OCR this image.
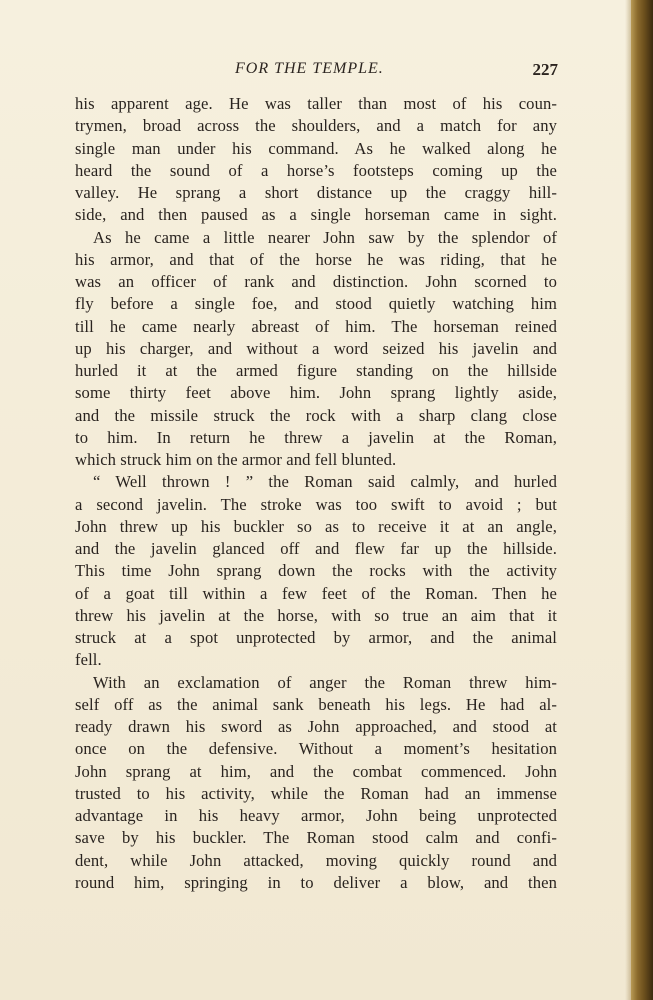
FOR THE TEMPLE.	227
his apparent age. He was taller than most of his coun-
trymen, broad across the shoulders, and a match for any
single man under his command. As he walked along he
heard the sound of a horse’s footsteps coming up the
valley. He sprang a short distance up the craggy hill-
side, and then paused as a single horseman came in sight.
As he came a little nearer John saw by the splendor of
his armor, and that of the horse he was riding, that he
was an officer of rank and distinction. John scorned to
fly before a single foe, and stood quietly watching him
till he came nearly abreast of him. The horseman reined
up his charger, and without a word seized his javelin and
hurled it at the armed figure standing on the hillside
some thirty feet above him. John sprang lightly aside,
and the missile struck the rock with a sharp clang close
to him. In return he threw a javelin at the Roman,
which struck him on the armor and fell blunted.
“ Well thrown ! ” the Roman said calmly, and hurled
a second javelin. The stroke was too swift to avoid ; but
John threw up his buckler so as to receive it at an angle,
and the javelin glanced off and flew far up the hillside.
This time John sprang down the rocks with the activity
of a goat till within a few feet of the Roman. Then he
threw his javelin at the horse, with so true an aim that it
struck at a spot unprotected by armor, and the animal
fell.
With an exclamation of anger the Roman threw him-
self off as the animal sank beneath his legs. He had al-
ready drawn his sword as John approached, and stood at
once on the defensive. Without a moment’s hesitation
John sprang at him, and the combat commenced. John
trusted to his activity, while the Roman had an immense
advantage in his heavy armor, John being unprotected
save by his buckler. The Roman stood calm and confi-
dent, while John attacked, moving quickly round and
round him, springing in to deliver a blow, and then
